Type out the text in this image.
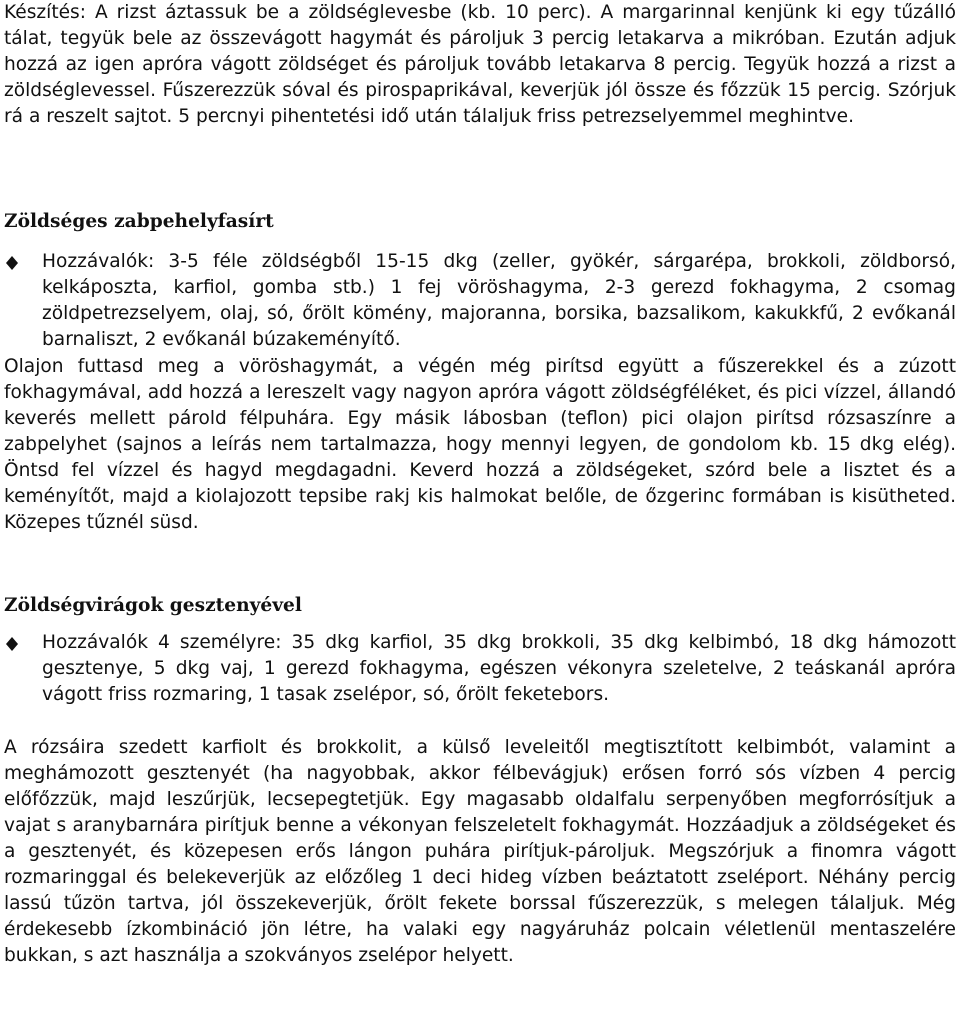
Készítés: A rizst áztassuk be a zöldséglevesbe (kb. 10 perc). A margarinnal kenjünk ki egy tűzálló tálat, tegyük bele az összevágott hagymát és pároljuk 3 percig letakarva a mikróban. Ezután adjuk hozzá az igen apróra vágott zöldséget és pároljuk tovább letakarva 8 percig. Tegyük hozzá a rizst a zöldséglevessel. Fűszerezzük sóval és pirospaprikával, keverjük jól össze és főzzük 15 percig. Szórjuk rá a reszelt sajtot. 5 percnyi pihentetési idő után tálaljuk friss petrezselyemmel meghintve.

Zöldséges zabpehelyfasírt
Hozzávalók: 3-5 féle zöldségből 15-15 dkg (zeller, gyökér, sárgarépa, brokkoli, zöldborsó, kelkáposzta, karfiol, gomba stb.) 1 fej vöröshagyma, 2-3 gerezd fokhagyma, 2 csomag zöldpetrezselyem, olaj, só, őrölt kömény, majoranna, borsika, bazsalikom, kakukkfű, 2 evőkanál barnaliszt, 2 evőkanál búzakeményítő.

Olajon futtasd meg a vöröshagymát, a végén még pirítsd együtt a fűszerekkel és a zúzott fokhagymával, add hozzá a lereszelt vagy nagyon apróra vágott zöldségféléket, és pici vízzel, állandó keverés mellett párold félpuhára. Egy másik lábosban (teflon) pici olajon pirítsd rózsaszínre a zabpelyhet (sajnos a leírás nem tartalmazza, hogy mennyi legyen, de gondolom kb. 15 dkg elég). Öntsd fel vízzel és hagyd megdagadni. Keverd hozzá a zöldségeket, szórd bele a lisztet és a keményítőt, majd a kiolajozott tepsibe rakj kis halmokat belőle, de őzgerinc formában is kisütheted. Közepes tűznél süsd.

Zöldségvirágok gesztenyével
Hozzávalók 4 személyre: 35 dkg karfiol, 35 dkg brokkoli, 35 dkg kelbimbó, 18 dkg hámozott gesztenye, 5 dkg vaj, 1 gerezd fokhagyma, egészen vékonyra szeletelve, 2 teáskanál apróra vágott friss rozmaring, 1 tasak zselépor, só, őrölt feketebors.

A rózsáira szedett karfiolt és brokkolit, a külső leveleitől megtisztított kelbimbót, valamint a meghámozott gesztenyét (ha nagyobbak, akkor félbevágjuk) erősen forró sós vízben 4 percig előfőzzük, majd leszűrjük, lecsepegtetjük. Egy magasabb oldalfalu serpenyőben megforrósítjuk a vajat s aranybarnára pirítjuk benne a vékonyan felszeletelt fokhagymát. Hozzáadjuk a zöldségeket és a gesztenyét, és közepesen erős lángon puhára pirítjuk-pároljuk. Megszórjuk a finomra vágott rozmaringgal és belekeverjük az előzőleg 1 deci hideg vízben beáztatott zseléport. Néhány percig lassú tűzön tartva, jól összekeverjük, őrölt fekete borssal fűszerezzük, s melegen tálaljuk. Még érdekesebb ízkombináció jön létre, ha valaki egy nagyáruház polcain véletlenül mentaszelére bukkan, s azt használja a szokványos zselépor helyett.
